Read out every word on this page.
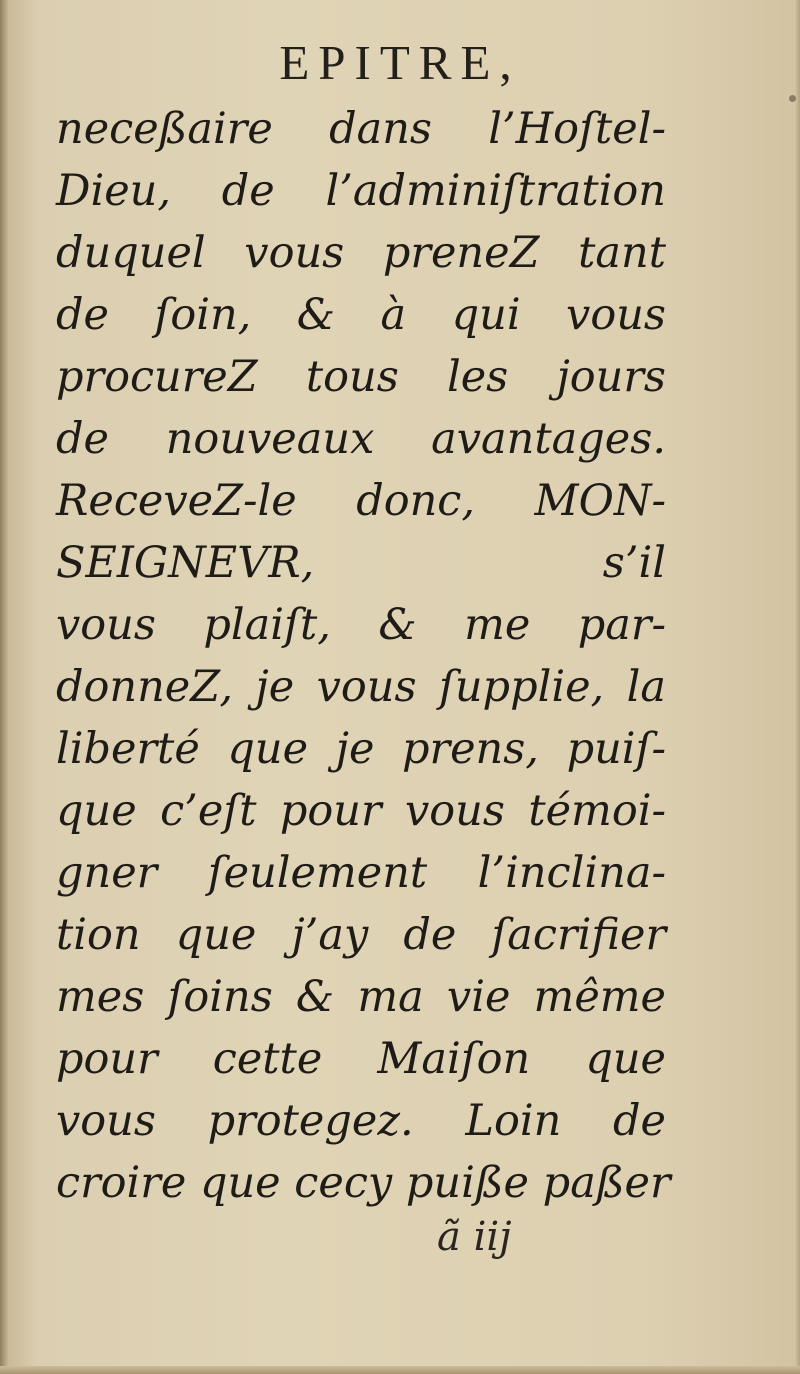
EPITRE,
neceßaire dans l’Hoſtel-
Dieu, de l’adminiſtration
duquel vous preneZ tant
de ſoin, & à qui vous
procureZ tous les jours
de nouveaux avantages.
ReceveZ-le donc, MON-
SEIGNEVR, s’il
vous plaiſt, & me par-
donneZ, je vous ſupplie, la
liberté que je prens, puiſ-
que c’eſt pour vous témoi-
gner ſeulement l’inclina-
tion que j’ay de ſacrifier
mes ſoins & ma vie même
pour cette Maiſon que
vous protegez. Loin de
croire que cecy puiße paßer
ã iij
